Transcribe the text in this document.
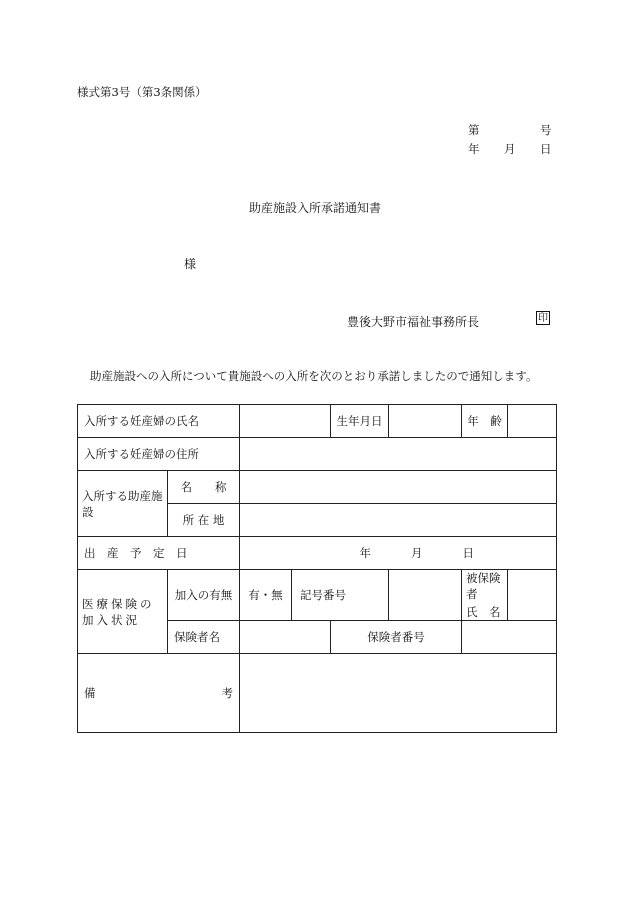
様式第3号（第3条関係）
第	号
年 月 日
助産施設入所承諾通知書
様
豊後大野市福祉事務所長	印
助産施設への入所について貴施設への入所を次のとおり承諾しましたので通知します。
入所する妊産婦の氏名				生年月日		年　齢	

入所する妊産婦の住所							

入所する助産施設	名　　称						
	所 在 地						

出　産　予　定　日		年 月 日					

医療保険の加入状況	加入の有無	有・無	記号番号			被保険者
氏　名	

保険者名			保険者番号			

備 考							
